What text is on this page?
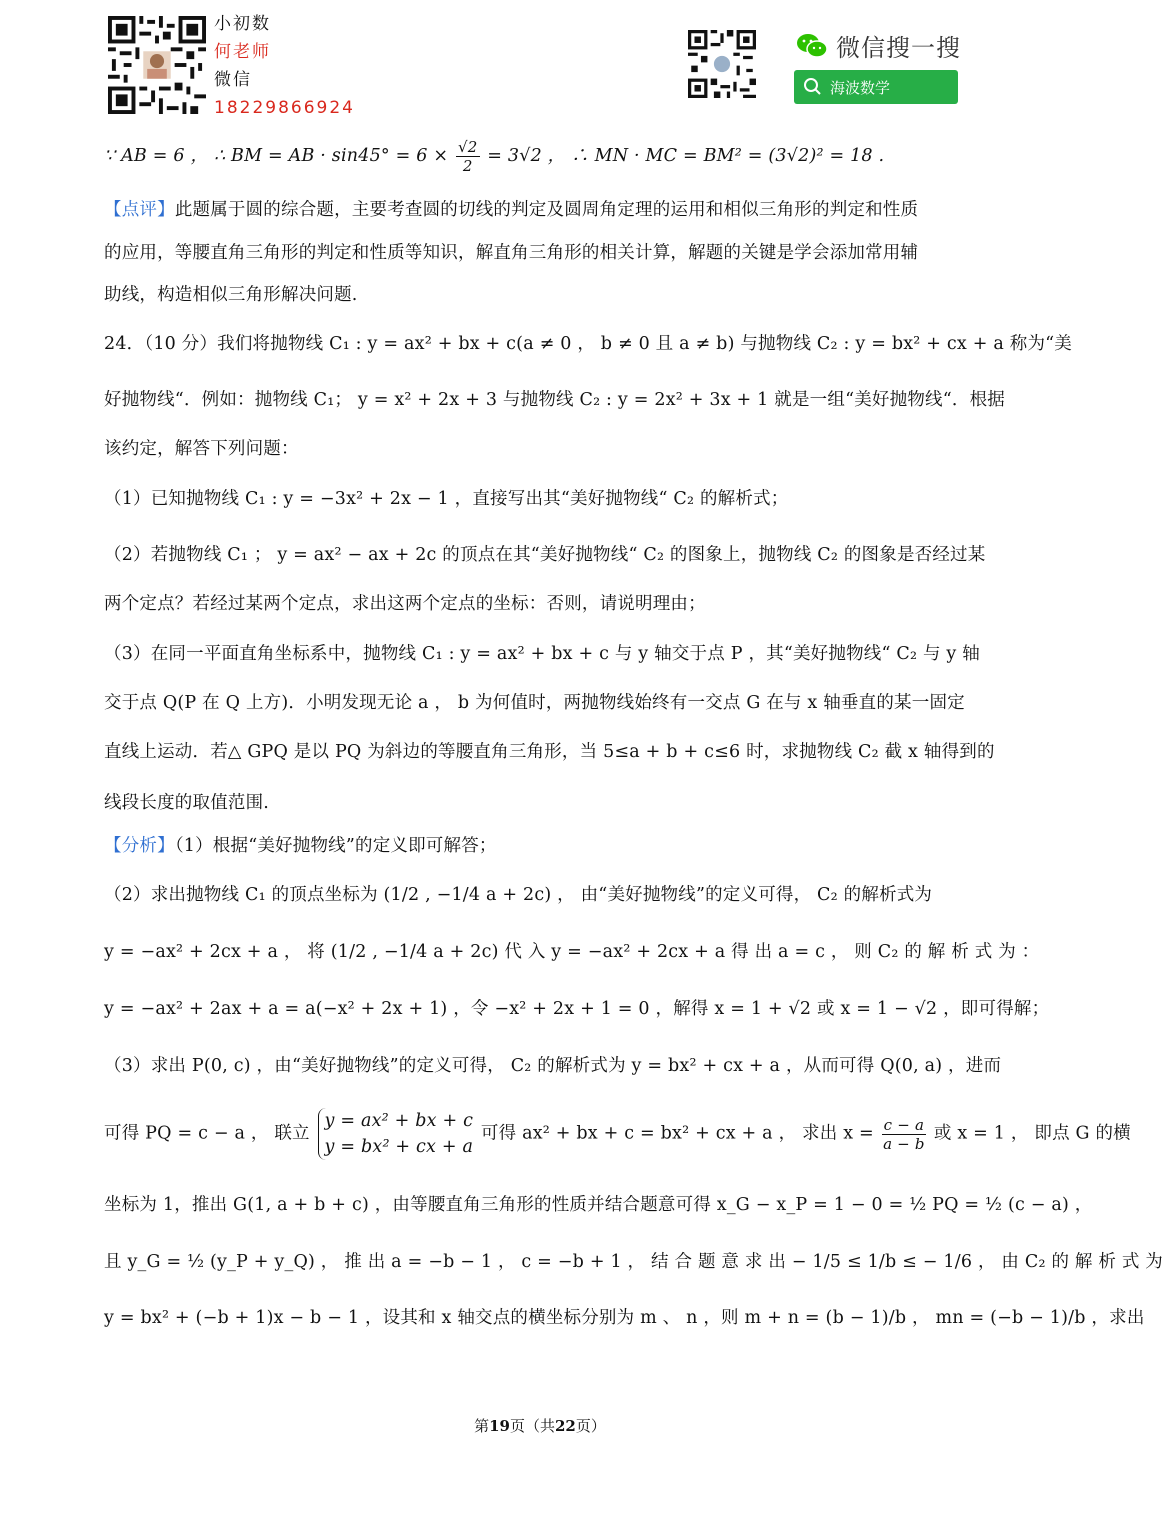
小初数
何老师
微信
18229866924
微信搜一搜
海波数学
∵ AB = 6 ， ∴ BM = AB · $\sin 45^\circ = 6 \times \frac{√2}{2} = 3√2$ ， ∴ MN · MC = BM² = (3√2)² = 18 .
【点评】此题属于圆的综合题，主要考查圆的切线的判定及圆周角定理的运用和相似三角形的判定和性质
的应用，等腰直角三角形的判定和性质等知识，解直角三角形的相关计算，解题的关键是学会添加常用辅
助线，构造相似三角形解决问题.
24．（10 分）我们将抛物线 C₁ : y = ax² + bx + c(a ≠ 0 ， b ≠ 0 且 a ≠ b) 与抛物线 C₂ : y = bx² + cx + a 称为“美
好抛物线“．例如：抛物线 C₁； y = x² + 2x + 3 与抛物线 C₂ : y = 2x² + 3x + 1 就是一组“美好抛物线“．根据
该约定，解答下列问题：
（1）已知抛物线 C₁ : y = −3x² + 2x − 1 ，直接写出其“美好抛物线“ C₂ 的解析式；
（2）若抛物线 C₁ ； y = ax² − ax + 2c 的顶点在其“美好抛物线“ C₂ 的图象上，抛物线 C₂ 的图象是否经过某
两个定点？若经过某两个定点，求出这两个定点的坐标：否则，请说明理由；
（3）在同一平面直角坐标系中，抛物线 C₁ : y = ax² + bx + c 与 y 轴交于点 P ，其“美好抛物线“ C₂ 与 y 轴
交于点 Q(P 在 Q 上方)．小明发现无论 a ， b 为何值时，两抛物线始终有一交点 G 在与 x 轴垂直的某一固定
直线上运动．若△ GPQ 是以 PQ 为斜边的等腰直角三角形，当 5≤a + b + c≤6 时，求抛物线 C₂ 截 x 轴得到的
线段长度的取值范围.
【分析】（1）根据“美好抛物线”的定义即可解答；
（2）求出抛物线 C₁ 的顶点坐标为 (1/2 , −1/4 a + 2c) ， 由“美好抛物线”的定义可得， C₂ 的解析式为
y = −ax² + 2cx + a ， 将 (1/2 , −1/4 a + 2c) 代 入 y = −ax² + 2cx + a 得 出 a = c ， 则 C₂ 的 解 析 式 为 ：
y = −ax² + 2ax + a = a(−x² + 2x + 1) ，令 −x² + 2x + 1 = 0 ，解得 x = 1 + √2 或 x = 1 − √2 ，即可得解；
（3）求出 P(0, c) ，由“美好抛物线”的定义可得， C₂ 的解析式为 y = bx² + cx + a ，从而可得 Q(0, a) ，进而
可得 PQ = c − a ， 联立
y = ax² + bx + c
y = bx² + cx + a
可得 ax² + bx + c = bx² + cx + a ， 求出 $x = \frac{c - a}{a - b}$ 或 x = 1 ， 即点 G 的横
坐标为 1，推出 G(1, a + b + c) ，由等腰直角三角形的性质并结合题意可得 x_G − x_P = 1 − 0 = ½ PQ = ½ (c − a) ，
且 y_G = ½ (y_P + y_Q) ， 推 出 a = −b − 1 ， c = −b + 1 ， 结 合 题 意 求 出 − 1/5 ≤ 1/b ≤ − 1/6 ， 由 C₂ 的 解 析 式 为
y = bx² + (−b + 1)x − b − 1 ，设其和 x 轴交点的横坐标分别为 m 、 n ，则 m + n = (b − 1)/b ， mn = (−b − 1)/b ，求出
第19页（共22页）
